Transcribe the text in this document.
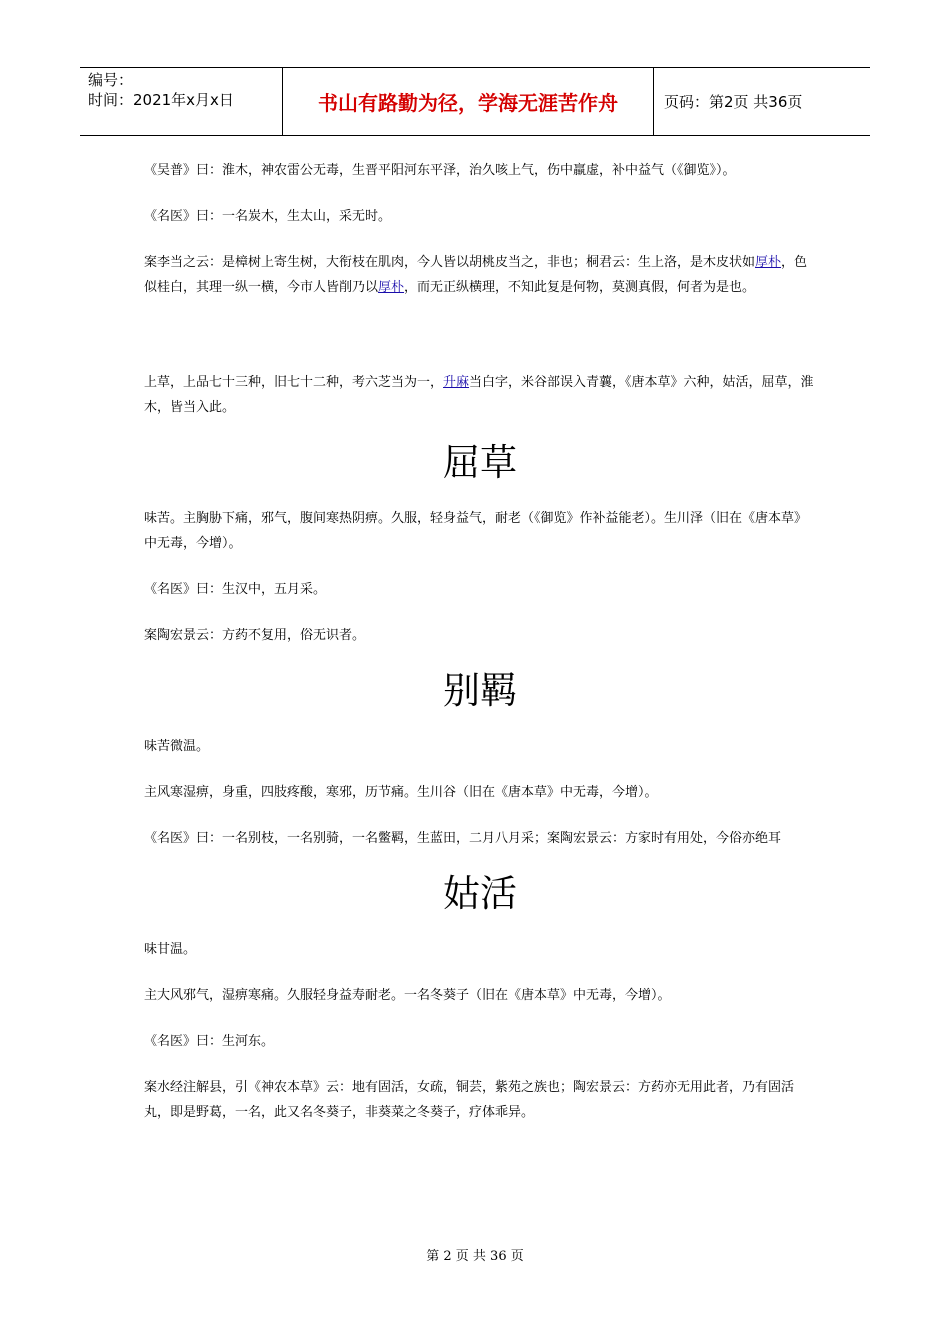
编号：
时间：2021年x月x日	书山有路勤为径，学海无涯苦作舟	页码：第2页 共36页

《吴普》曰：淮木，神农雷公无毒，生晋平阳河东平泽，治久咳上气，伤中羸虚，补中益气（《御览》）。

《名医》曰：一名炭木，生太山，采无时。

案李当之云：是樟树上寄生树，大衔枝在肌肉，今人皆以胡桃皮当之，非也；桐君云：生上洛，是木皮状如厚朴，色似桂白，其理一纵一横，今市人皆削乃以厚朴，而无正纵横理，不知此复是何物，莫测真假，何者为是也。

上草，上品七十三种，旧七十二种，考六芝当为一，升麻当白字，米谷部误入青蘘，《唐本草》六种，姑活，屈草，淮木，皆当入此。

屈草

味苦。主胸胁下痛，邪气，腹间寒热阴痹。久服，轻身益气，耐老（《御览》作补益能老）。生川泽（旧在《唐本草》中无毒，今增）。

《名医》曰：生汉中，五月采。

案陶宏景云：方药不复用，俗无识者。

别羁

味苦微温。

主风寒湿痹，身重，四肢疼酸，寒邪，历节痛。生川谷（旧在《唐本草》中无毒，今增）。

《名医》曰：一名别枝，一名别骑，一名鳖羁，生蓝田，二月八月采；案陶宏景云：方家时有用处，今俗亦绝耳

姑活

味甘温。

主大风邪气，湿痹寒痛。久服轻身益寿耐老。一名冬葵子（旧在《唐本草》中无毒，今增）。

《名医》曰：生河东。

案水经注解县，引《神农本草》云：地有固活，女疏，铜芸，紫苑之族也；陶宏景云：方药亦无用此者，乃有固活丸，即是野葛，一名，此又名冬葵子，非葵菜之冬葵子，疗体乖异。

第 2 页 共 36 页
